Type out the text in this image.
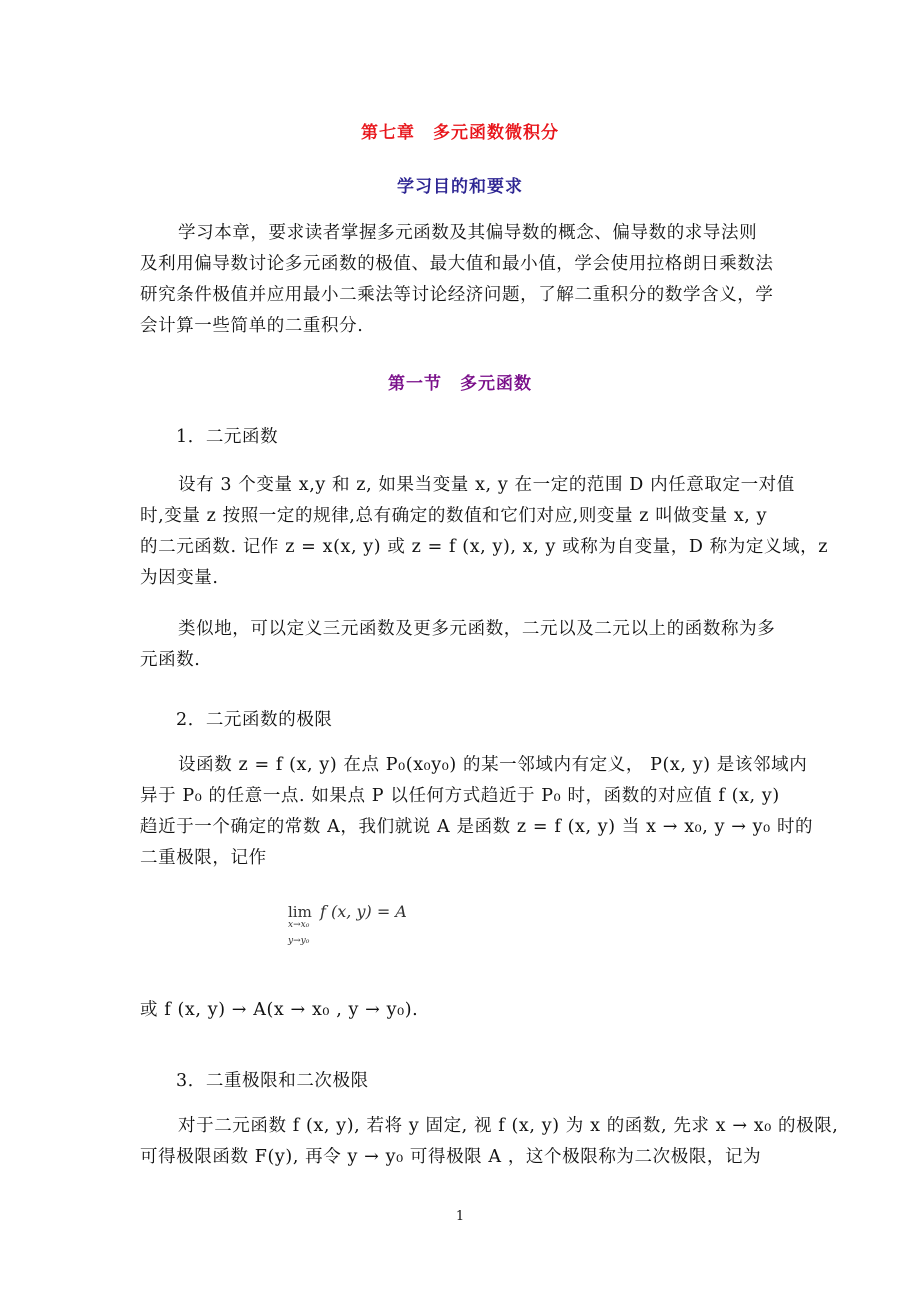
第七章　多元函数微积分
学习目的和要求
学习本章，要求读者掌握多元函数及其偏导数的概念、偏导数的求导法则
及利用偏导数讨论多元函数的极值、最大值和最小值，学会使用拉格朗日乘数法
研究条件极值并应用最小二乘法等讨论经济问题，了解二重积分的数学含义，学
会计算一些简单的二重积分.
第一节　多元函数
1．二元函数
设有 3 个变量 x,y 和 z, 如果当变量 x, y 在一定的范围 D 内任意取定一对值
时,变量 z 按照一定的规律,总有确定的数值和它们对应,则变量 z 叫做变量 x, y
的二元函数. 记作 z = x(x, y) 或 z = f (x, y), x, y 或称为自变量，D 称为定义域，z
为因变量.
类似地，可以定义三元函数及更多元函数，二元以及二元以上的函数称为多
元函数.
2．二元函数的极限
设函数 z = f (x, y) 在点 P₀(x₀y₀) 的某一邻域内有定义， P(x, y) 是该邻域内
异于 P₀ 的任意一点. 如果点 P 以任何方式趋近于 P₀ 时，函数的对应值 f (x, y)
趋近于一个确定的常数 A，我们就说 A 是函数 z = f (x, y) 当 x → x₀, y → y₀ 时的
二重极限，记作
lim
x→x₀
y→y₀
f (x, y) = A
或 f (x, y) → A(x → x₀ , y → y₀).
3．二重极限和二次极限
对于二元函数 f (x, y), 若将 y 固定, 视 f (x, y) 为 x 的函数, 先求 x → x₀ 的极限,
可得极限函数 F(y), 再令 y → y₀ 可得极限 A ，这个极限称为二次极限，记为
1
